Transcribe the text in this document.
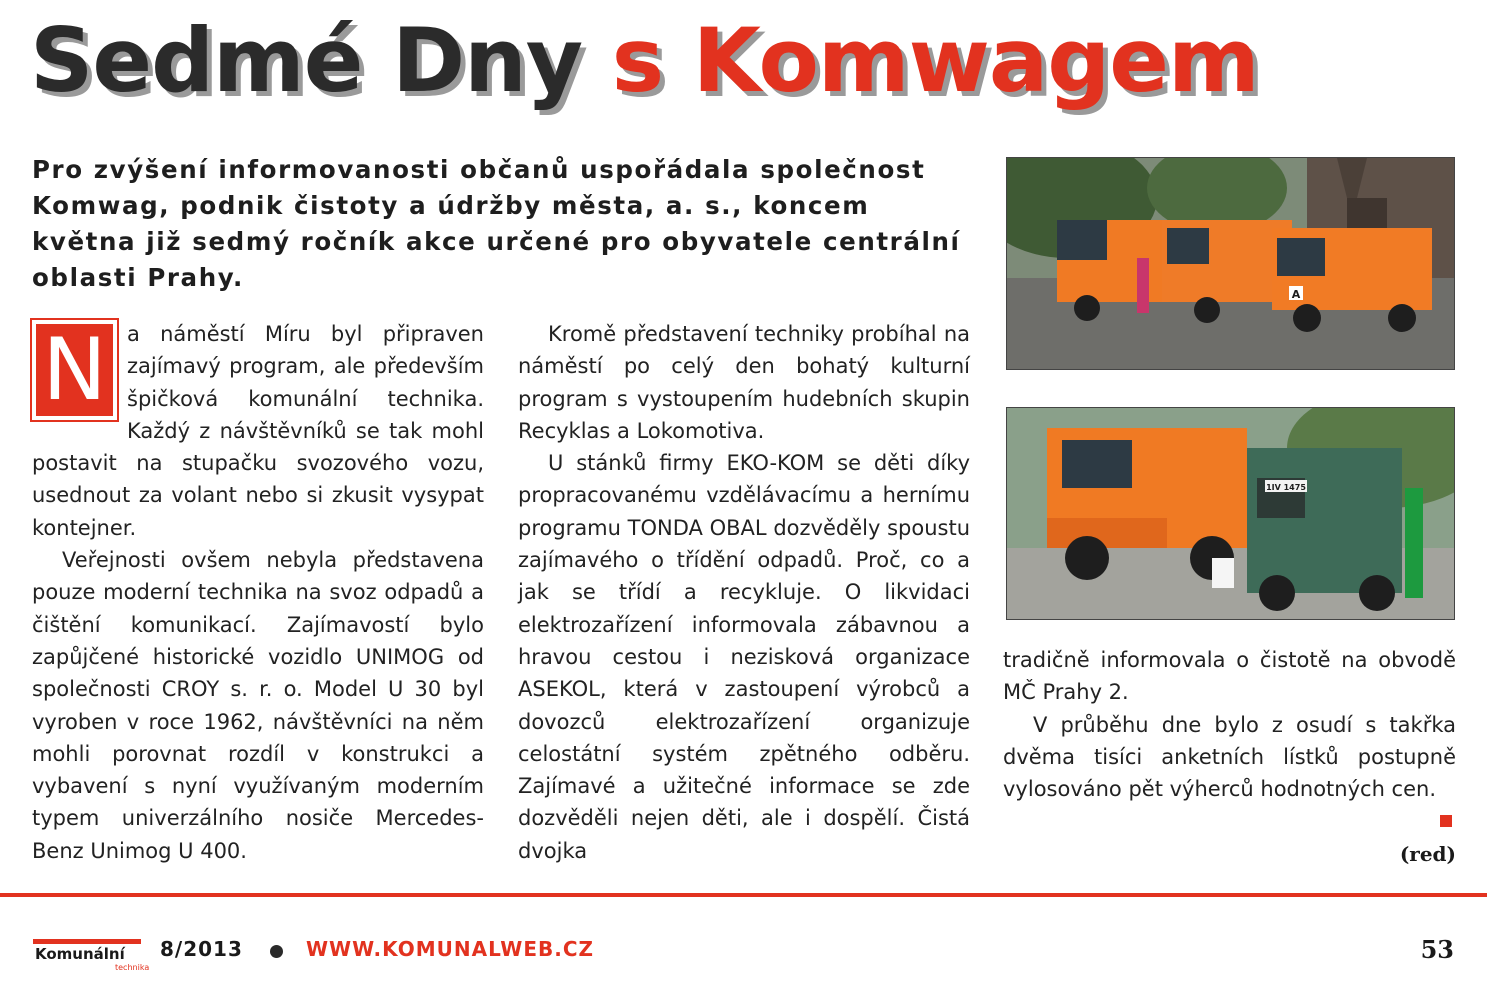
Sedmé Dny s Komwagem

Pro zvýšení informovanosti občanů uspořádala společnost Komwag, podnik čistoty a údržby města, a. s., koncem května již sedmý ročník akce určené pro obyvatele centrální oblasti Prahy.

N a náměstí Míru byl připraven zajímavý program, ale především špičková komunální technika. Každý z návštěvníků se tak mohl postavit na stupačku svozového vozu, usednout za volant nebo si zkusit vysypat kontejner.

Veřejnosti ovšem nebyla představena pouze moderní technika na svoz odpadů a čištění komunikací. Zajímavostí bylo zapůjčené historické vozidlo UNIMOG od společnosti CROY s. r. o. Model U 30 byl vyroben v roce 1962, návštěvníci na něm mohli porovnat rozdíl v konstrukci a vybavení s nyní využívaným moderním typem univerzálního nosiče Mercedes-Benz Unimog U 400.

Kromě představení techniky probíhal na náměstí po celý den bohatý kulturní program s vystoupením hudebních skupin Recyklas a Lokomotiva.

U stánků firmy EKO-KOM se děti díky propracovanému vzdělávacímu a hernímu programu TONDA OBAL dozvěděly spoustu zajímavého o třídění odpadů. Proč, co a jak se třídí a recykluje. O likvidaci elektrozařízení informovala zábavnou a hravou cestou i nezisková organizace ASEKOL, která v zastoupení výrobců a dovozců elektrozařízení organizuje celostátní systém zpětného odběru. Zajímavé a užitečné informace se zde dozvěděli nejen děti, ale i dospělí. Čistá dvojka

A
1IV 1475

tradičně informovala o čistotě na obvodě MČ Prahy 2.

V průběhu dne bylo z osudí s takřka dvěma tisíci anketních lístků postupně vylosováno pět výherců hodnotných cen.

(red)
Komunální
technika
8/2013	WWW.KOMUNALWEB.CZ	53
